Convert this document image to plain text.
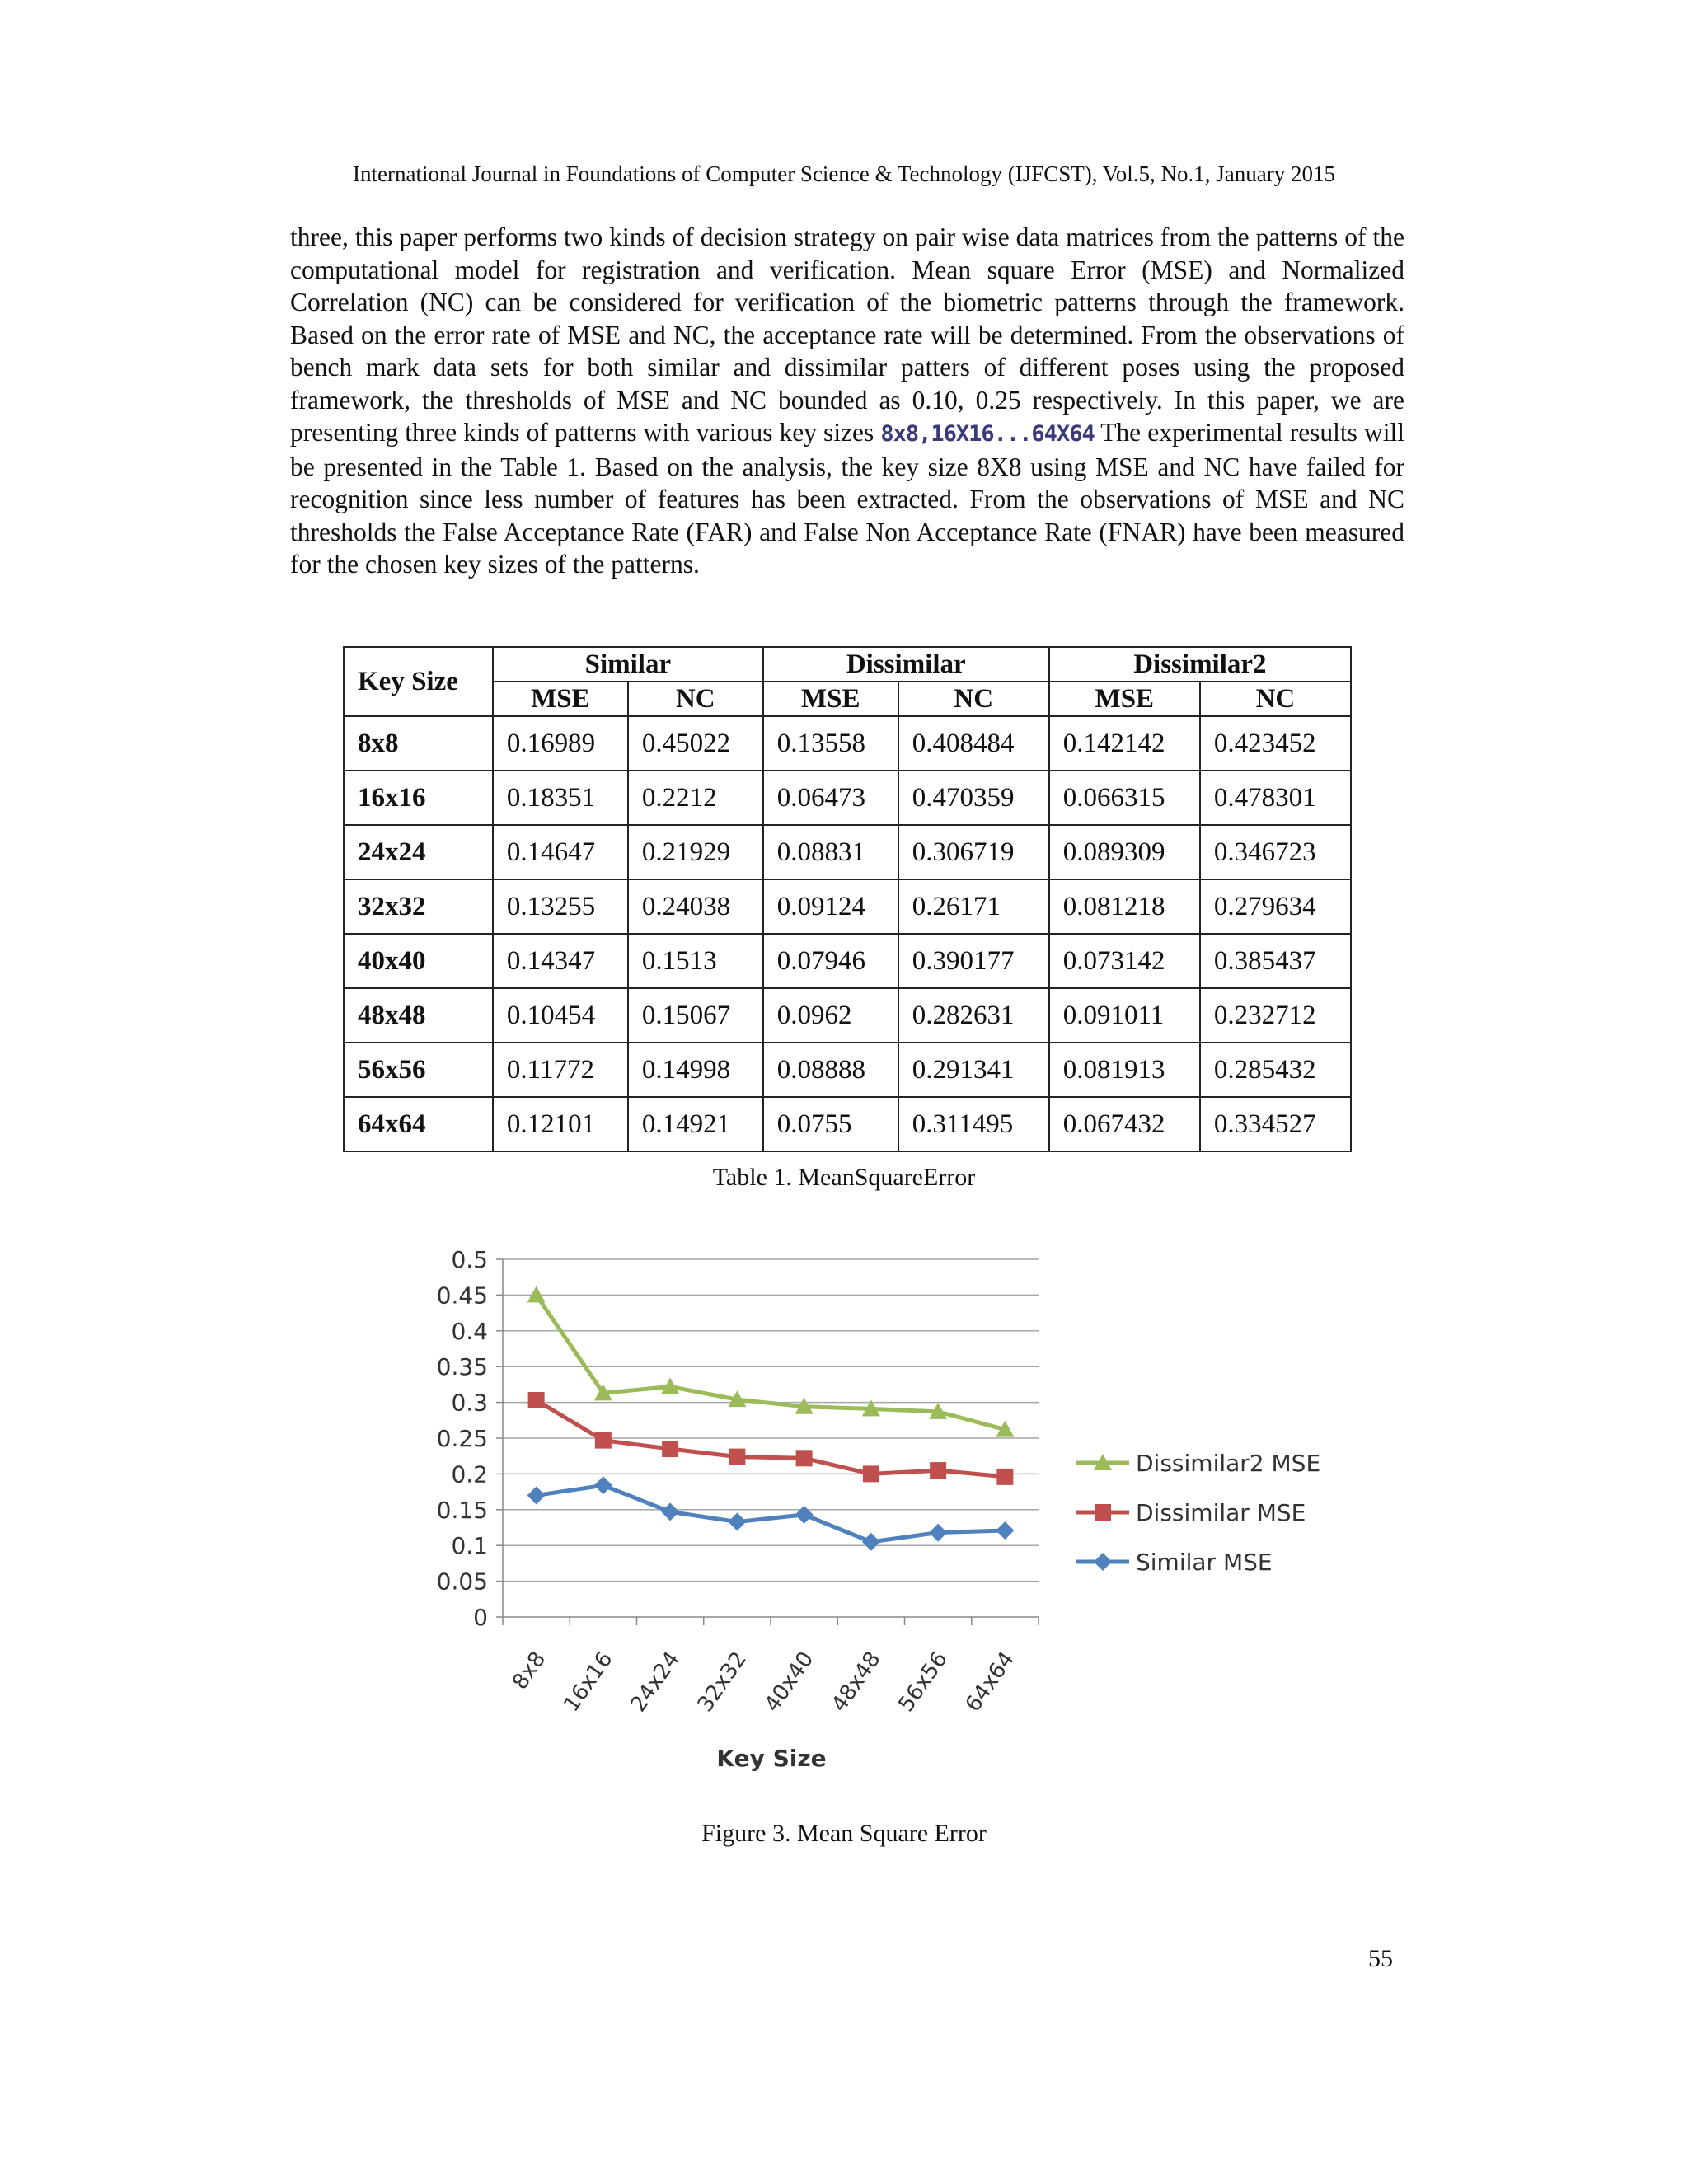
International Journal in Foundations of Computer Science & Technology (IJFCST), Vol.5, No.1, January 2015
three, this paper performs two kinds of decision strategy on pair wise data matrices from the patterns of the computational model for registration and verification. Mean square Error (MSE) and Normalized Correlation (NC) can be considered for verification of the biometric patterns through the framework. Based on the error rate of MSE and NC, the acceptance rate will be determined. From the observations of bench mark data sets for both similar and dissimilar patters of different poses using the proposed framework, the thresholds of MSE and NC bounded as 0.10, 0.25 respectively. In this paper, we are presenting three kinds of patterns with various key sizes 8x8,16X16...64X64 The experimental results will be presented in the Table 1. Based on the analysis, the key size 8X8 using MSE and NC have failed for recognition since less number of features has been extracted. From the observations of MSE and NC thresholds the False Acceptance Rate (FAR) and False Non Acceptance Rate (FNAR) have been measured for the chosen key sizes of the patterns.
Key Size	Similar		Dissimilar		Dissimilar2	
	MSE	NC	MSE	NC	MSE	NC
8x8	0.16989	0.45022	0.13558	0.408484	0.142142	0.423452
16x16	0.18351	0.2212	0.06473	0.470359	0.066315	0.478301
24x24	0.14647	0.21929	0.08831	0.306719	0.089309	0.346723
32x32	0.13255	0.24038	0.09124	0.26171	0.081218	0.279634
40x40	0.14347	0.1513	0.07946	0.390177	0.073142	0.385437
48x48	0.10454	0.15067	0.0962	0.282631	0.091011	0.232712
56x56	0.11772	0.14998	0.08888	0.291341	0.081913	0.285432
64x64	0.12101	0.14921	0.0755	0.311495	0.067432	0.334527
Table 1. MeanSquareError
0.5
0.45
0.4
0.35
0.3
0.25
0.2
0.15
0.1
0.05
0
8x8 16x16 24x24 32x32 40x40 48x48 56x56 64x64
Dissimilar2 MSE
Dissimilar MSE
Similar MSE
Key Size
Figure 3. Mean Square Error
55
